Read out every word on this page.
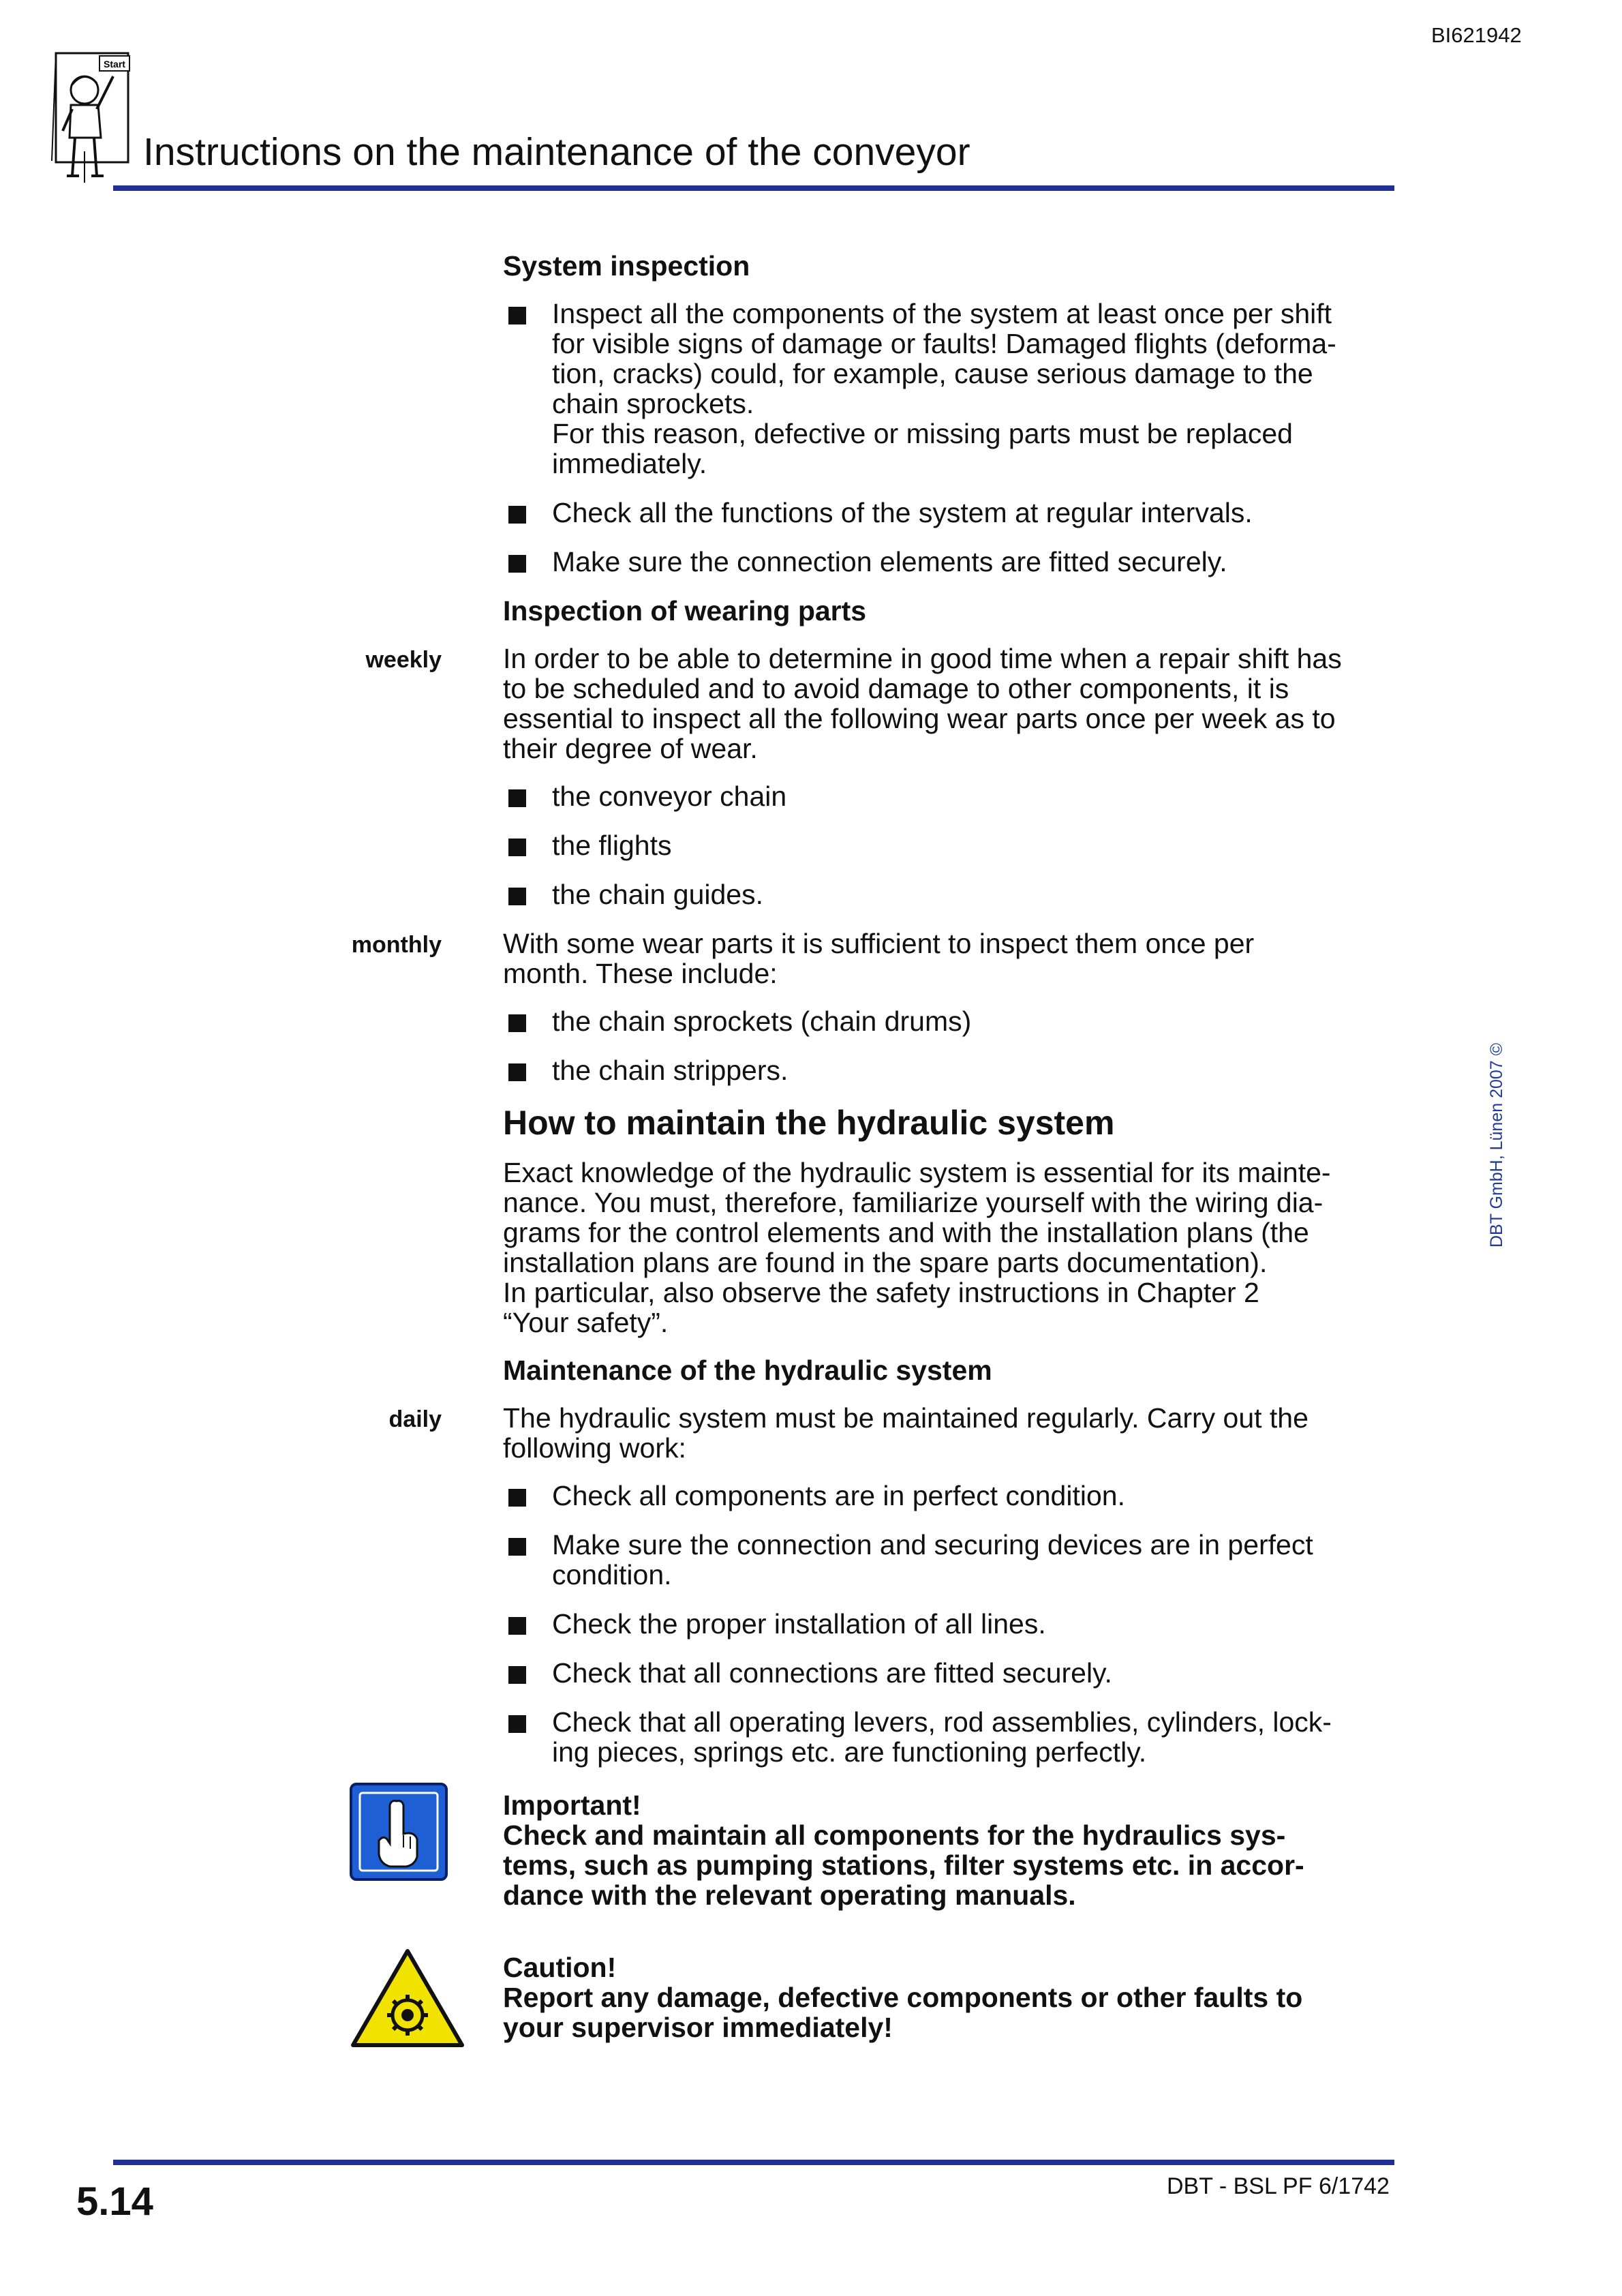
BI621942
Start
Instructions on the maintenance of the conveyor
DBT GmbH, Lünen 2007 ©
System inspection
Inspect all the components of the system at least once per shift
for visible signs of damage or faults! Damaged flights (deforma-
tion, cracks) could, for example, cause serious damage to the
chain sprockets.
For this reason, defective or missing parts must be replaced
immediately.
Check all the functions of the system at regular intervals.
Make sure the connection elements are fitted securely.
Inspection of wearing parts
weekly In order to be able to determine in good time when a repair shift has
to be scheduled and to avoid damage to other components, it is
essential to inspect all the following wear parts once per week as to
their degree of wear.
the conveyor chain
the flights
the chain guides.
monthly With some wear parts it is sufficient to inspect them once per
month. These include:
the chain sprockets (chain drums)
the chain strippers.
How to maintain the hydraulic system
Exact knowledge of the hydraulic system is essential for its mainte-
nance. You must, therefore, familiarize yourself with the wiring dia-
grams for the control elements and with the installation plans (the
installation plans are found in the spare parts documentation).
In particular, also observe the safety instructions in Chapter 2
“Your safety”.
Maintenance of the hydraulic system
daily The hydraulic system must be maintained regularly. Carry out the
following work:
Check all components are in perfect condition.
Make sure the connection and securing devices are in perfect
condition.
Check the proper installation of all lines.
Check that all connections are fitted securely.
Check that all operating levers, rod assemblies, cylinders, lock-
ing pieces, springs etc. are functioning perfectly.
Important!
Check and maintain all components for the hydraulics sys-
tems, such as pumping stations, filter systems etc. in accor-
dance with the relevant operating manuals.
Caution!
Report any damage, defective components or other faults to
your supervisor immediately!
5.14	DBT - BSL PF 6/1742
